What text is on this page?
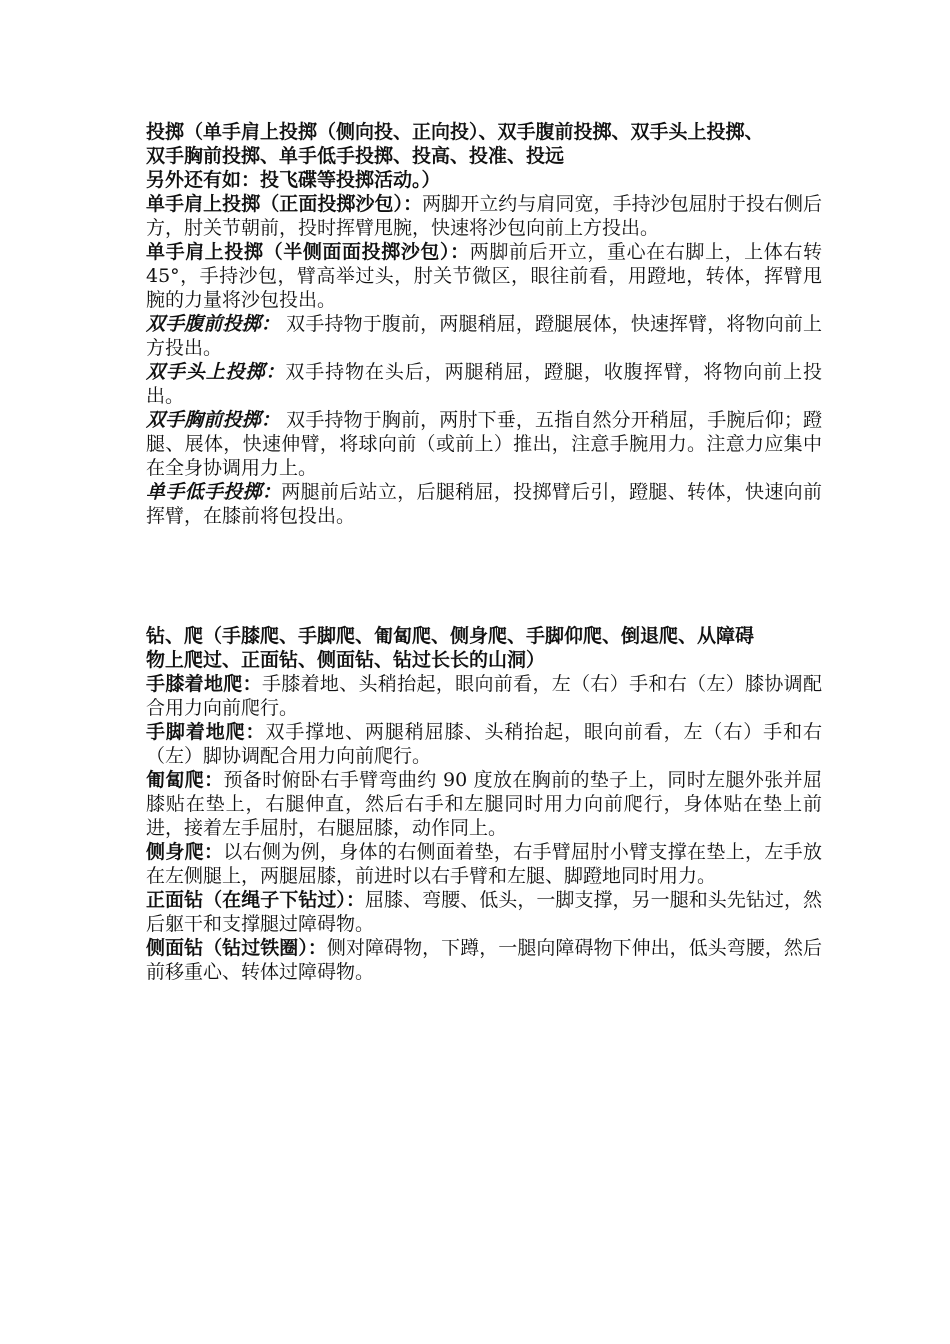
投掷（单手肩上投掷（侧向投、正向投）、双手腹前投掷、双手头上投掷、

双手胸前投掷、单手低手投掷、投高、投准、投远

另外还有如：投飞碟等投掷活动。）

单手肩上投掷（正面投掷沙包）：两脚开立约与肩同宽，手持沙包屈肘于投右侧后方，肘关节朝前，投时挥臂甩腕，快速将沙包向前上方投出。

单手肩上投掷（半侧面面投掷沙包）：两脚前后开立，重心在右脚上，上体右转 45°，手持沙包，臂高举过头，肘关节微区，眼往前看，用蹬地，转体，挥臂甩腕的力量将沙包投出。

双手腹前投掷： 双手持物于腹前，两腿稍屈，蹬腿展体，快速挥臂，将物向前上方投出。

双手头上投掷：双手持物在头后，两腿稍屈，蹬腿，收腹挥臂，将物向前上投出。

双手胸前投掷： 双手持物于胸前，两肘下垂，五指自然分开稍屈，手腕后仰；蹬腿、展体，快速伸臂，将球向前（或前上）推出，注意手腕用力。注意力应集中在全身协调用力上。

单手低手投掷：两腿前后站立，后腿稍屈，投掷臂后引，蹬腿、转体，快速向前挥臂，在膝前将包投出。

钻、爬（手膝爬、手脚爬、匍匐爬、侧身爬、手脚仰爬、倒退爬、从障碍

物上爬过、正面钻、侧面钻、钻过长长的山洞）

手膝着地爬：手膝着地、头稍抬起，眼向前看，左（右）手和右（左）膝协调配合用力向前爬行。

手脚着地爬：双手撑地、两腿稍屈膝、头稍抬起，眼向前看，左（右）手和右（左）脚协调配合用力向前爬行。

匍匐爬：预备时俯卧右手臂弯曲约 90 度放在胸前的垫子上，同时左腿外张并屈膝贴在垫上，右腿伸直，然后右手和左腿同时用力向前爬行，身体贴在垫上前进，接着左手屈肘，右腿屈膝，动作同上。

侧身爬：以右侧为例，身体的右侧面着垫，右手臂屈肘小臂支撑在垫上，左手放在左侧腿上，两腿屈膝，前进时以右手臂和左腿、脚蹬地同时用力。

正面钻（在绳子下钻过）：屈膝、弯腰、低头，一脚支撑，另一腿和头先钻过，然后躯干和支撑腿过障碍物。

侧面钻（钻过铁圈）：侧对障碍物，下蹲，一腿向障碍物下伸出，低头弯腰，然后前移重心、转体过障碍物。
